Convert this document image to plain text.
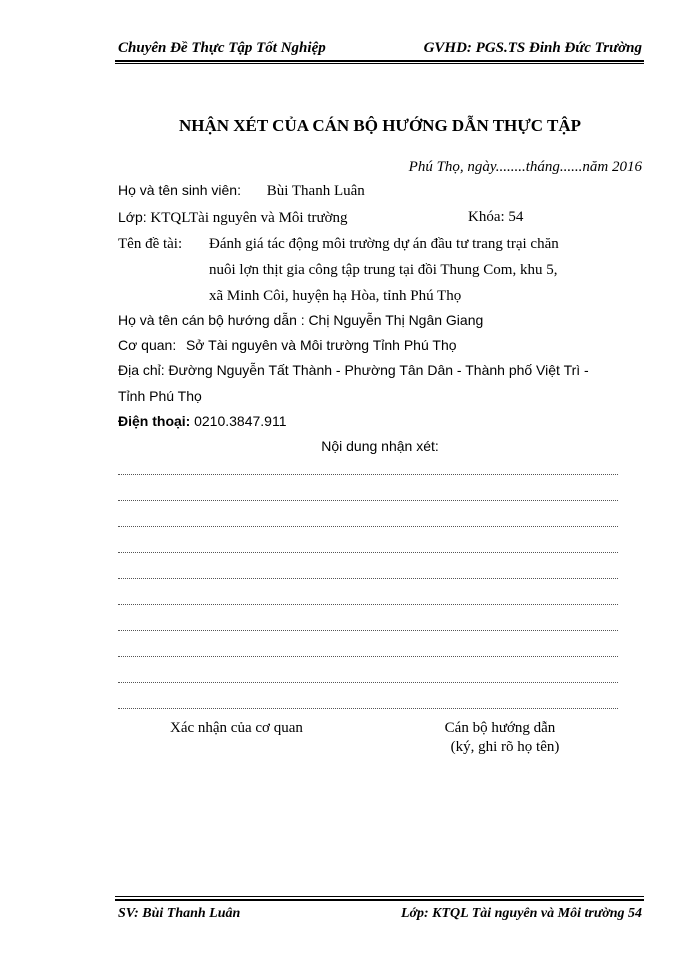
Chuyên Đề Thực Tập Tốt Nghiệp	GVHD: PGS.TS Đinh Đức Trường
NHẬN XÉT CỦA CÁN BỘ HƯỚNG DẪN THỰC TẬP
Phú Thọ, ngày........tháng......năm 2016
Họ và tên sinh viên: Bùi Thanh Luân
Lớp: KTQLTài nguyên và Môi trường	Khóa: 54
Tên đề tài: Đánh giá tác động môi trường dự án đầu tư trang trại chăn
nuôi lợn thịt gia công tập trung tại đồi Thung Com, khu 5,
xã Minh Côi, huyện hạ Hòa, tỉnh Phú Thọ
Họ và tên cán bộ hướng dẫn : Chị Nguyễn Thị Ngân Giang
Cơ quan: Sở Tài nguyên và Môi trường Tỉnh Phú Thọ
Địa chỉ: Đường Nguyễn Tất Thành - Phường Tân Dân - Thành phố Việt Trì -
Tỉnh Phú Thọ
Điện thoại: 0210.3847.911
Nội dung nhận xét:
Xác nhận của cơ quan	Cán bộ hướng dẫn
(ký, ghi rõ họ tên)
SV: Bùi Thanh Luân	Lớp: KTQL Tài nguyên và Môi trường 54
